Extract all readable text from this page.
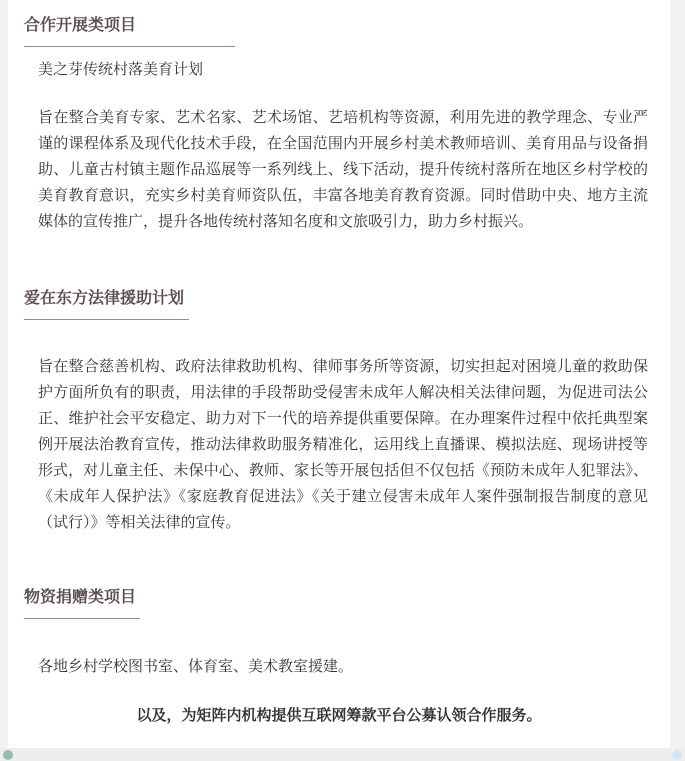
合作开展类项目

美之芽传统村落美育计划

旨在整合美育专家、艺术名家、艺术场馆、艺培机构等资源，利用先进的教学理念、专业严谨的课程体系及现代化技术手段，在全国范围内开展乡村美术教师培训、美育用品与设备捐助、儿童古村镇主题作品巡展等一系列线上、线下活动，提升传统村落所在地区乡村学校的美育教育意识，充实乡村美育师资队伍，丰富各地美育教育资源。同时借助中央、地方主流媒体的宣传推广，提升各地传统村落知名度和文旅吸引力，助力乡村振兴。

爱在东方法律援助计划

旨在整合慈善机构、政府法律救助机构、律师事务所等资源，切实担起对困境儿童的救助保护方面所负有的职责，用法律的手段帮助受侵害未成年人解决相关法律问题，为促进司法公正、维护社会平安稳定、助力对下一代的培养提供重要保障。在办理案件过程中依托典型案例开展法治教育宣传，推动法律救助服务精准化，运用线上直播课、模拟法庭、现场讲授等形式，对儿童主任、未保中心、教师、家长等开展包括但不仅包括《预防未成年人犯罪法》、《未成年人保护法》《家庭教育促进法》《关于建立侵害未成年人案件强制报告制度的意见（试行）》等相关法律的宣传。

物资捐赠类项目

各地乡村学校图书室、体育室、美术教室援建。

以及，为矩阵内机构提供互联网筹款平台公募认领合作服务。
